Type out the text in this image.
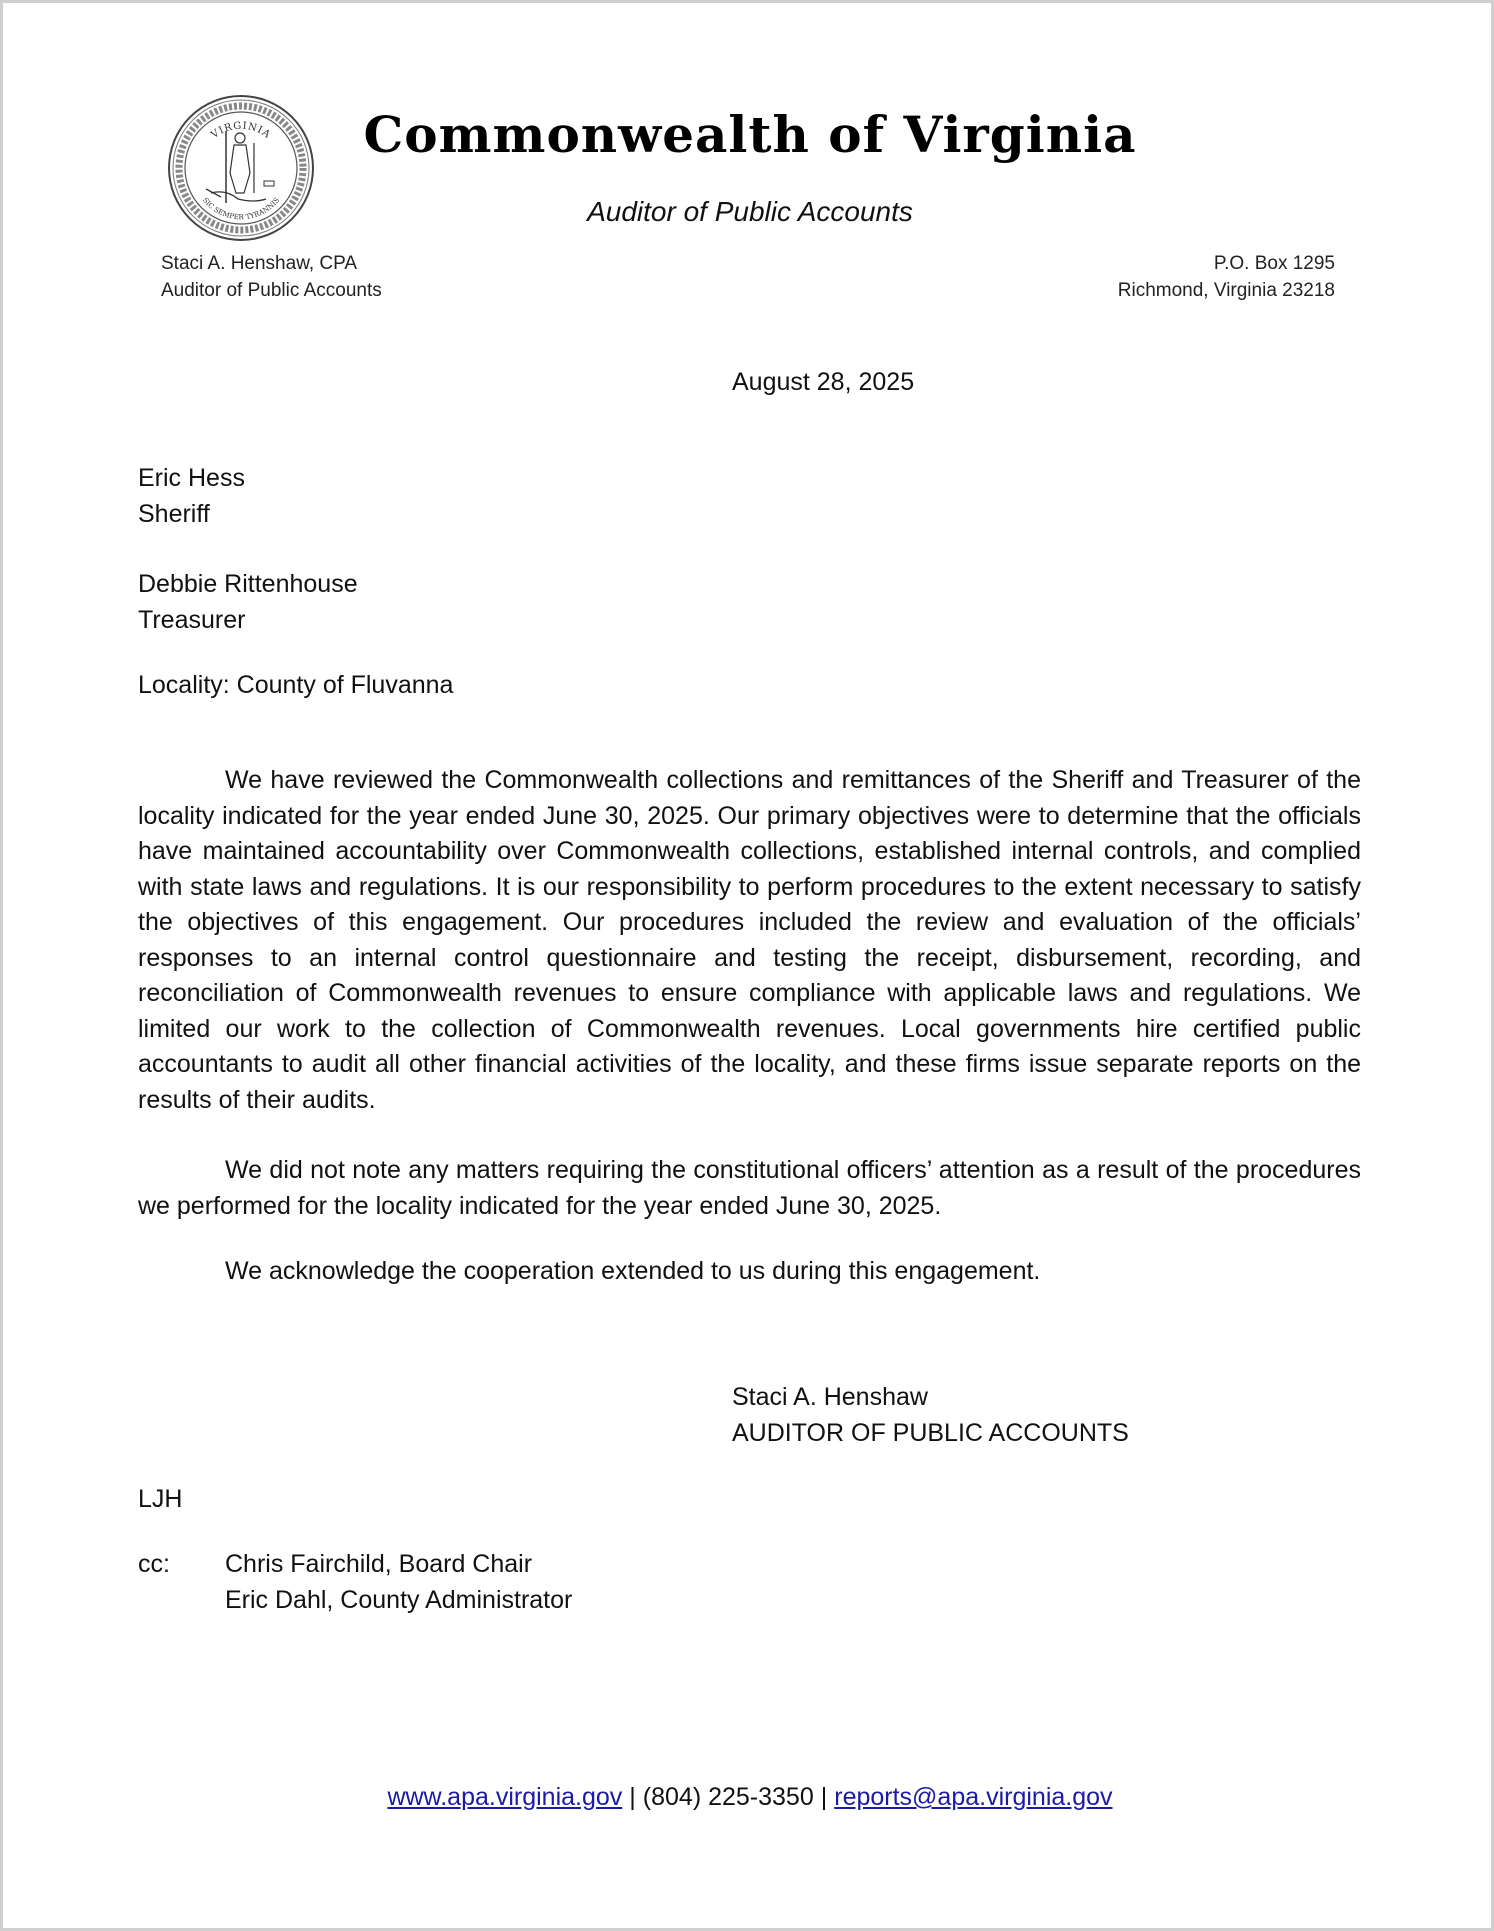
VIRGINIA
SIC SEMPER TYRANNIS
Commonwealth of Virginia
Auditor of Public Accounts
Staci A. Henshaw, CPA
Auditor of Public Accounts
P.O. Box 1295
Richmond, Virginia 23218
August 28, 2025
Eric Hess
Sheriff
Debbie Rittenhouse
Treasurer
Locality: County of Fluvanna

We have reviewed the Commonwealth collections and remittances of the Sheriff and Treasurer of the locality indicated for the year ended June 30, 2025. Our primary objectives were to determine that the officials have maintained accountability over Commonwealth collections, established internal controls, and complied with state laws and regulations. It is our responsibility to perform procedures to the extent necessary to satisfy the objectives of this engagement. Our procedures included the review and evaluation of the officials’ responses to an internal control questionnaire and testing the receipt, disbursement, recording, and reconciliation of Commonwealth revenues to ensure compliance with applicable laws and regulations. We limited our work to the collection of Commonwealth revenues. Local governments hire certified public accountants to audit all other financial activities of the locality, and these firms issue separate reports on the results of their audits.

We did not note any matters requiring the constitutional officers’ attention as a result of the procedures we performed for the locality indicated for the year ended June 30, 2025.

We acknowledge the cooperation extended to us during this engagement.

Staci A. Henshaw
AUDITOR OF PUBLIC ACCOUNTS
LJH
cc: Chris Fairchild, Board Chair
Eric Dahl, County Administrator
www.apa.virginia.gov | (804) 225-3350 | reports@apa.virginia.gov
